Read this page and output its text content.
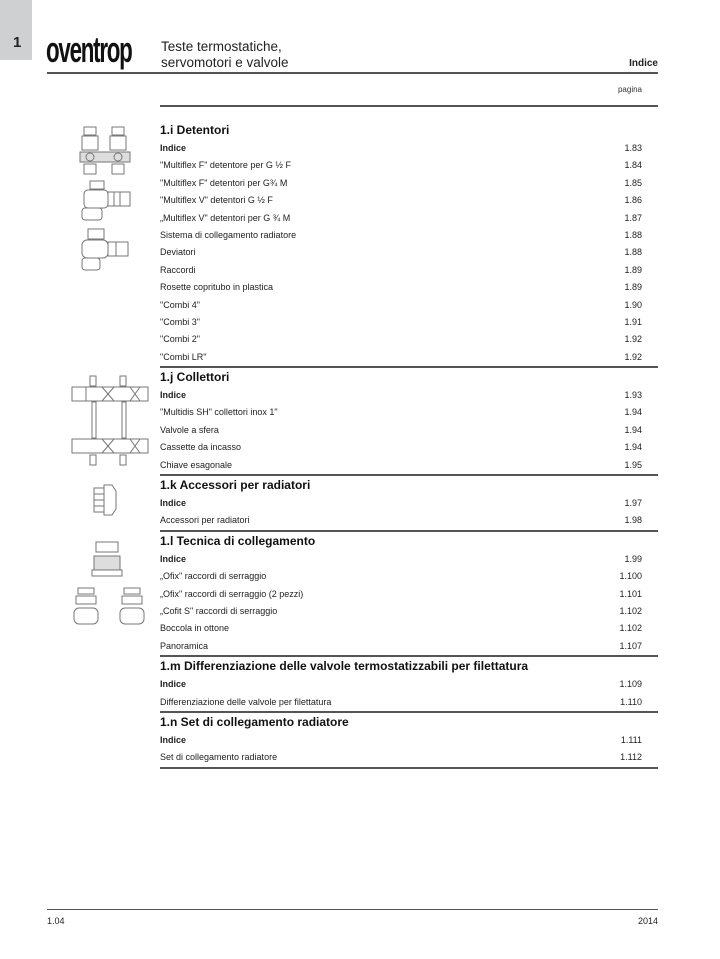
1 oventrop Teste termostatiche,
servomotori e valvole	Indice
pagina
1.i Detentori
Indice	1.83
"Multiflex F" detentore per G ½ F	1.84
"Multiflex F" detentori per G¾ M	1.85
"Multiflex V" detentori G ½ F	1.86
„Multiflex V" detentori per G ¾ M	1.87
Sistema di collegamento radiatore	1.88
Deviatori	1.88
Raccordi	1.89
Rosette copritubo in plastica	1.89
"Combi 4"	1.90
"Combi 3"	1.91
"Combi 2"	1.92
"Combi LR"	1.92
1.j Collettori
Indice	1.93
"Multidis SH" collettori inox 1"	1.94
Valvole a sfera	1.94
Cassette da incasso	1.94
Chiave esagonale	1.95
1.k Accessori per radiatori
Indice	1.97
Accessori per radiatori	1.98
1.l Tecnica di collegamento
Indice	1.99
„Ofix" raccordi di serraggio	1.100
„Ofix" raccordi di serraggio (2 pezzi)	1.101
„Cofit S" raccordi di serraggio	1.102
Boccola in ottone	1.102
Panoramica	1.107
1.m Differenziazione delle valvole termostatizzabili per filettatura
Indice	1.109
Differenziazione delle valvole per filettatura	1.110
1.n Set di collegamento radiatore
Indice	1.111
Set di collegamento radiatore	1.112
1.04	2014
